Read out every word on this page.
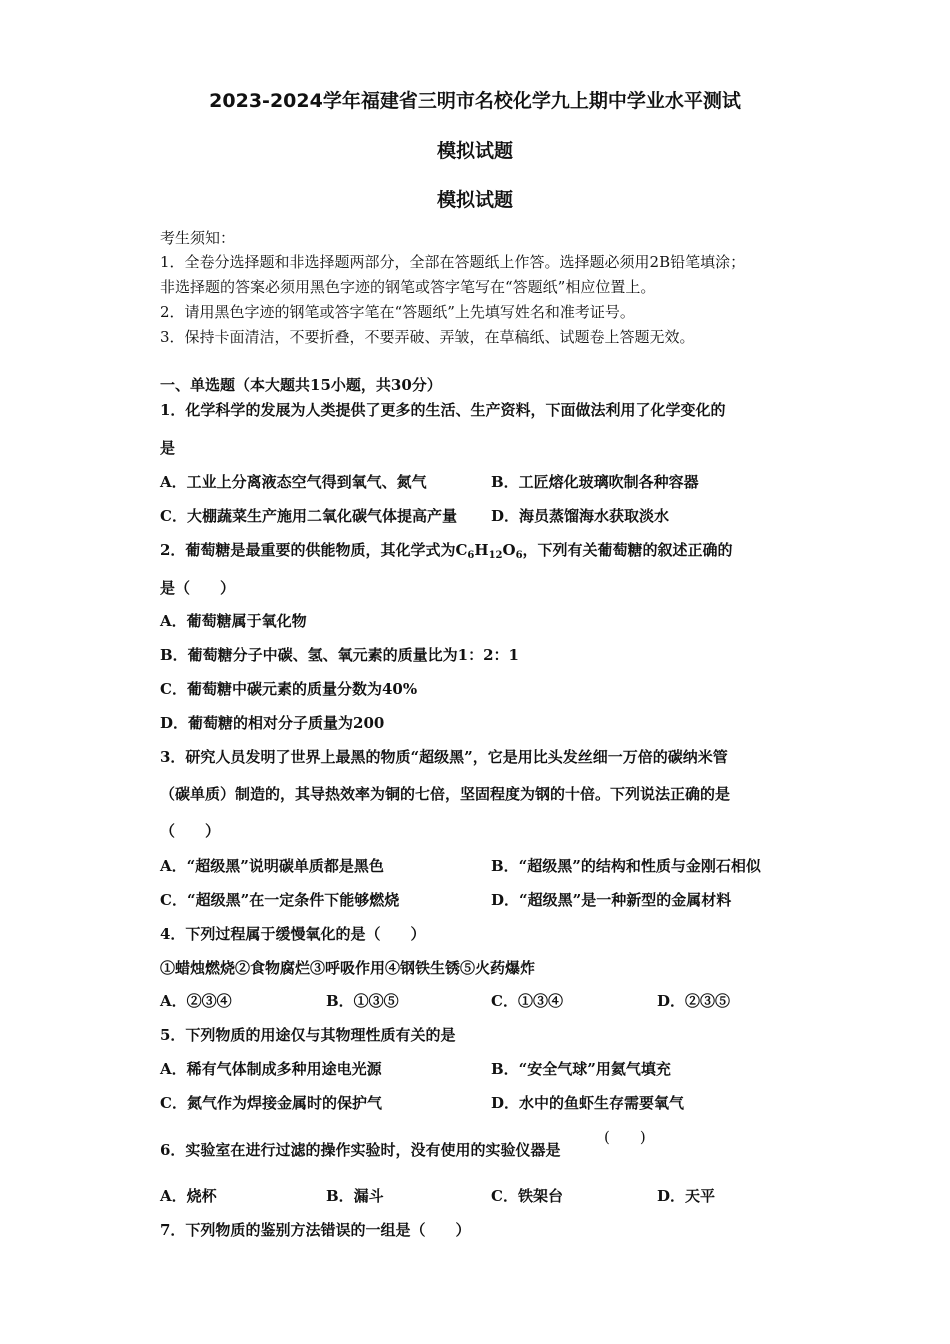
2023-2024学年福建省三明市名校化学九上期中学业水平测试
模拟试题
模拟试题
考生须知：
1．全卷分选择题和非选择题两部分，全部在答题纸上作答。选择题必须用2B铅笔填涂；
非选择题的答案必须用黑色字迹的钢笔或答字笔写在“答题纸”相应位置上。
2．请用黑色字迹的钢笔或答字笔在“答题纸”上先填写姓名和准考证号。
3．保持卡面清洁，不要折叠，不要弄破、弄皱，在草稿纸、试题卷上答题无效。
一、单选题（本大题共15小题，共30分）
1．化学科学的发展为人类提供了更多的生活、生产资料，下面做法利用了化学变化的
是
A．工业上分离液态空气得到氧气、氮气	B．工匠熔化玻璃吹制各种容器
C．大棚蔬菜生产施用二氧化碳气体提高产量 D．海员蒸馏海水获取淡水
2．葡萄糖是最重要的供能物质，其化学式为$C_6H_{12}O_6$，下列有关葡萄糖的叙述正确的
是（　　）
A．葡萄糖属于氧化物
B．葡萄糖分子中碳、氢、氧元素的质量比为1：2：1
C．葡萄糖中碳元素的质量分数为40%
D．葡萄糖的相对分子质量为200
3．研究人员发明了世界上最黑的物质“超级黑”，它是用比头发丝细一万倍的碳纳米管
（碳单质）制造的，其导热效率为铜的七倍，坚固程度为钢的十倍。下列说法正确的是
（　　）
A．“超级黑”说明碳单质都是黑色	B．“超级黑”的结构和性质与金刚石相似
C．“超级黑”在一定条件下能够燃烧	D．“超级黑”是一种新型的金属材料
4．下列过程属于缓慢氧化的是（　　）
①蜡烛燃烧②食物腐烂③呼吸作用④钢铁生锈⑤火药爆炸
A．②③④	B．①③⑤	C．①③④	D．②③⑤
5．下列物质的用途仅与其物理性质有关的是
A．稀有气体制成多种用途电光源	B．“安全气球”用氦气填充
C．氮气作为焊接金属时的保护气	D．水中的鱼虾生存需要氧气
(　　)
6．实验室在进行过滤的操作实验时，没有使用的实验仪器是
A．烧杯	B．漏斗	C．铁架台	D．天平
7．下列物质的鉴别方法错误的一组是（　　）
